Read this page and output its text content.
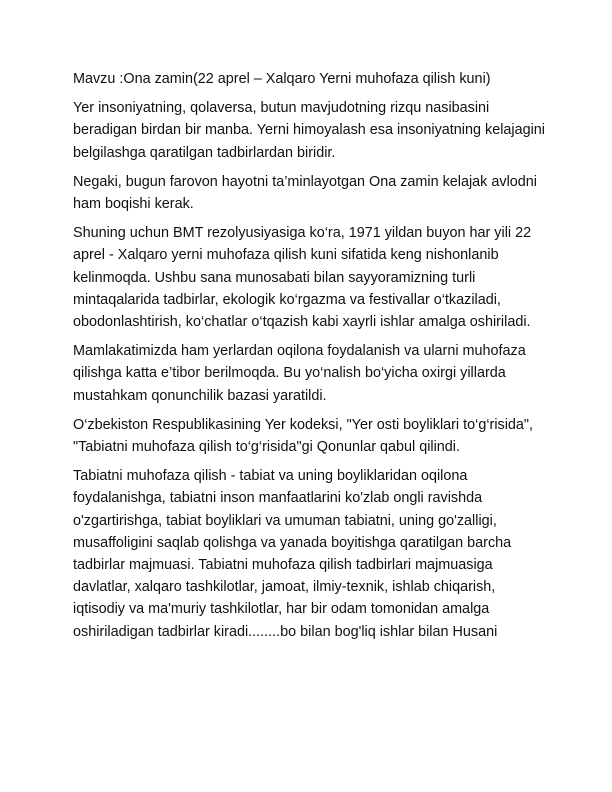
Mavzu :Ona zamin(22 aprel – Xalqaro Yerni muhofaza qilish kuni)

Yer insoniyatning, qolaversa, butun mavjudotning rizqu nasibasini beradigan birdan bir manba. Yerni himoyalash esa insoniyatning kelajagini belgilashga qaratilgan tadbirlardan biridir.

Negaki, bugun farovon hayotni ta’minlayotgan Ona zamin kelajak avlodni ham boqishi kerak.

Shuning uchun BMT rezolyusiyasiga ko‘ra, 1971 yildan buyon har yili 22 aprel - Xalqaro yerni muhofaza qilish kuni sifatida keng nishonlanib kelinmoqda. Ushbu sana munosabati bilan sayyoramizning turli mintaqalarida tadbirlar, ekologik ko‘rgazma va festivallar o‘tkaziladi, obodonlashtirish, ko‘chatlar o‘tqazish kabi xayrli ishlar amalga oshiriladi.

Mamlakatimizda ham yerlardan oqilona foydalanish va ularni muhofaza qilishga katta e’tibor berilmoqda. Bu yo‘nalish bo‘yicha oxirgi yillarda mustahkam qonunchilik bazasi yaratildi.

O‘zbekiston Respublikasining Yer kodeksi, "Yer osti boyliklari to‘g‘risida", "Tabiatni muhofaza qilish to‘g‘risida"gi Qonunlar qabul qilindi.

Tabiatni muhofaza qilish - tabiat va uning boyliklaridan oqilona foydalanishga, tabiatni inson manfaatlarini ko'zlab ongli ravishda o'zgartirishga, tabiat boyliklari va umuman tabiatni, uning go'zalligi, musaffoligini saqlab qolishga va yanada boyitishga qaratilgan barcha tadbirlar majmuasi. Tabiatni muhofaza qilish tadbirlari majmuasiga davlatlar, xalqaro tashkilotlar, jamoat, ilmiy-texnik, ishlab chiqarish, iqtisodiy va ma'muriy tashkilotlar, har bir odam tomonidan amalga oshiriladigan tadbirlar kiradi........bo bilan bog'liq ishlar bilan Husani
